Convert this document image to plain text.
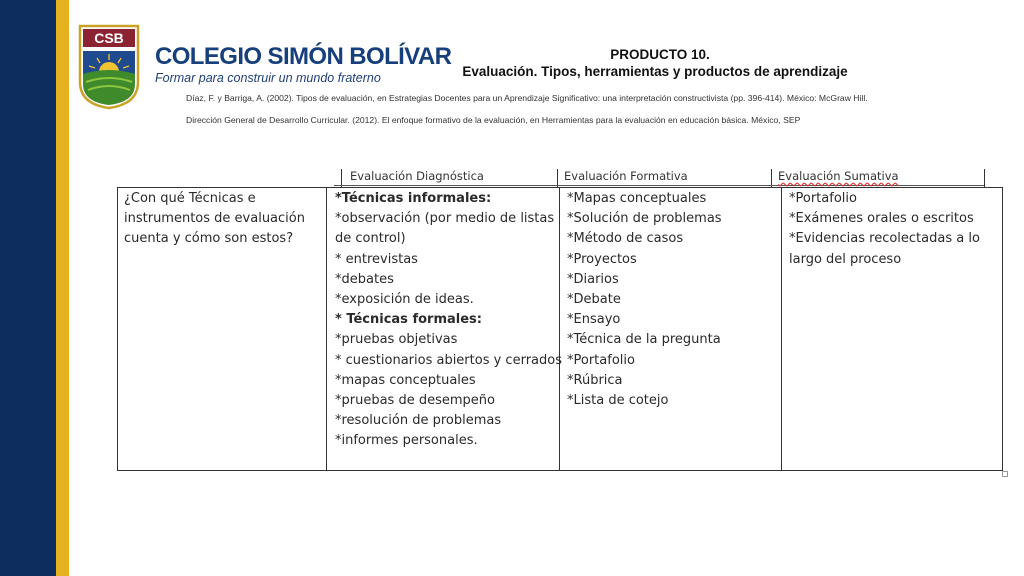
CSB
COLEGIO SIMÓN BOLÍVAR
Formar para construir un mundo fraterno
PRODUCTO 10.
Evaluación. Tipos, herramientas y productos de aprendizaje
Díaz, F. y Barriga, A. (2002). Tipos de evaluación, en Estrategias Docentes para un Aprendizaje Significativo: una interpretación constructivista (pp. 396-414). México: McGraw Hill.
Dirección General de Desarrollo Curricular. (2012). El enfoque formativo de la evaluación, en Herramientas para la evaluación en educación básica. México, SEP
Evaluación Diagnóstica	Evaluación Formativa	Evaluación Sumativa
¿Con qué Técnicas e
instrumentos de evaluación
cuenta y cómo son estos?
*Técnicas informales:
*observación (por medio de listas
de control)
* entrevistas
*debates
*exposición de ideas.
* Técnicas formales:
*pruebas objetivas
* cuestionarios abiertos y cerrados
*mapas conceptuales
*pruebas de desempeño
*resolución de problemas
*informes personales.
*Mapas conceptuales
*Solución de problemas
*Método de casos
*Proyectos
*Diarios
*Debate
*Ensayo
*Técnica de la pregunta
*Portafolio
*Rúbrica
*Lista de cotejo
*Portafolio
*Exámenes orales o escritos
*Evidencias recolectadas a lo
largo del proceso
